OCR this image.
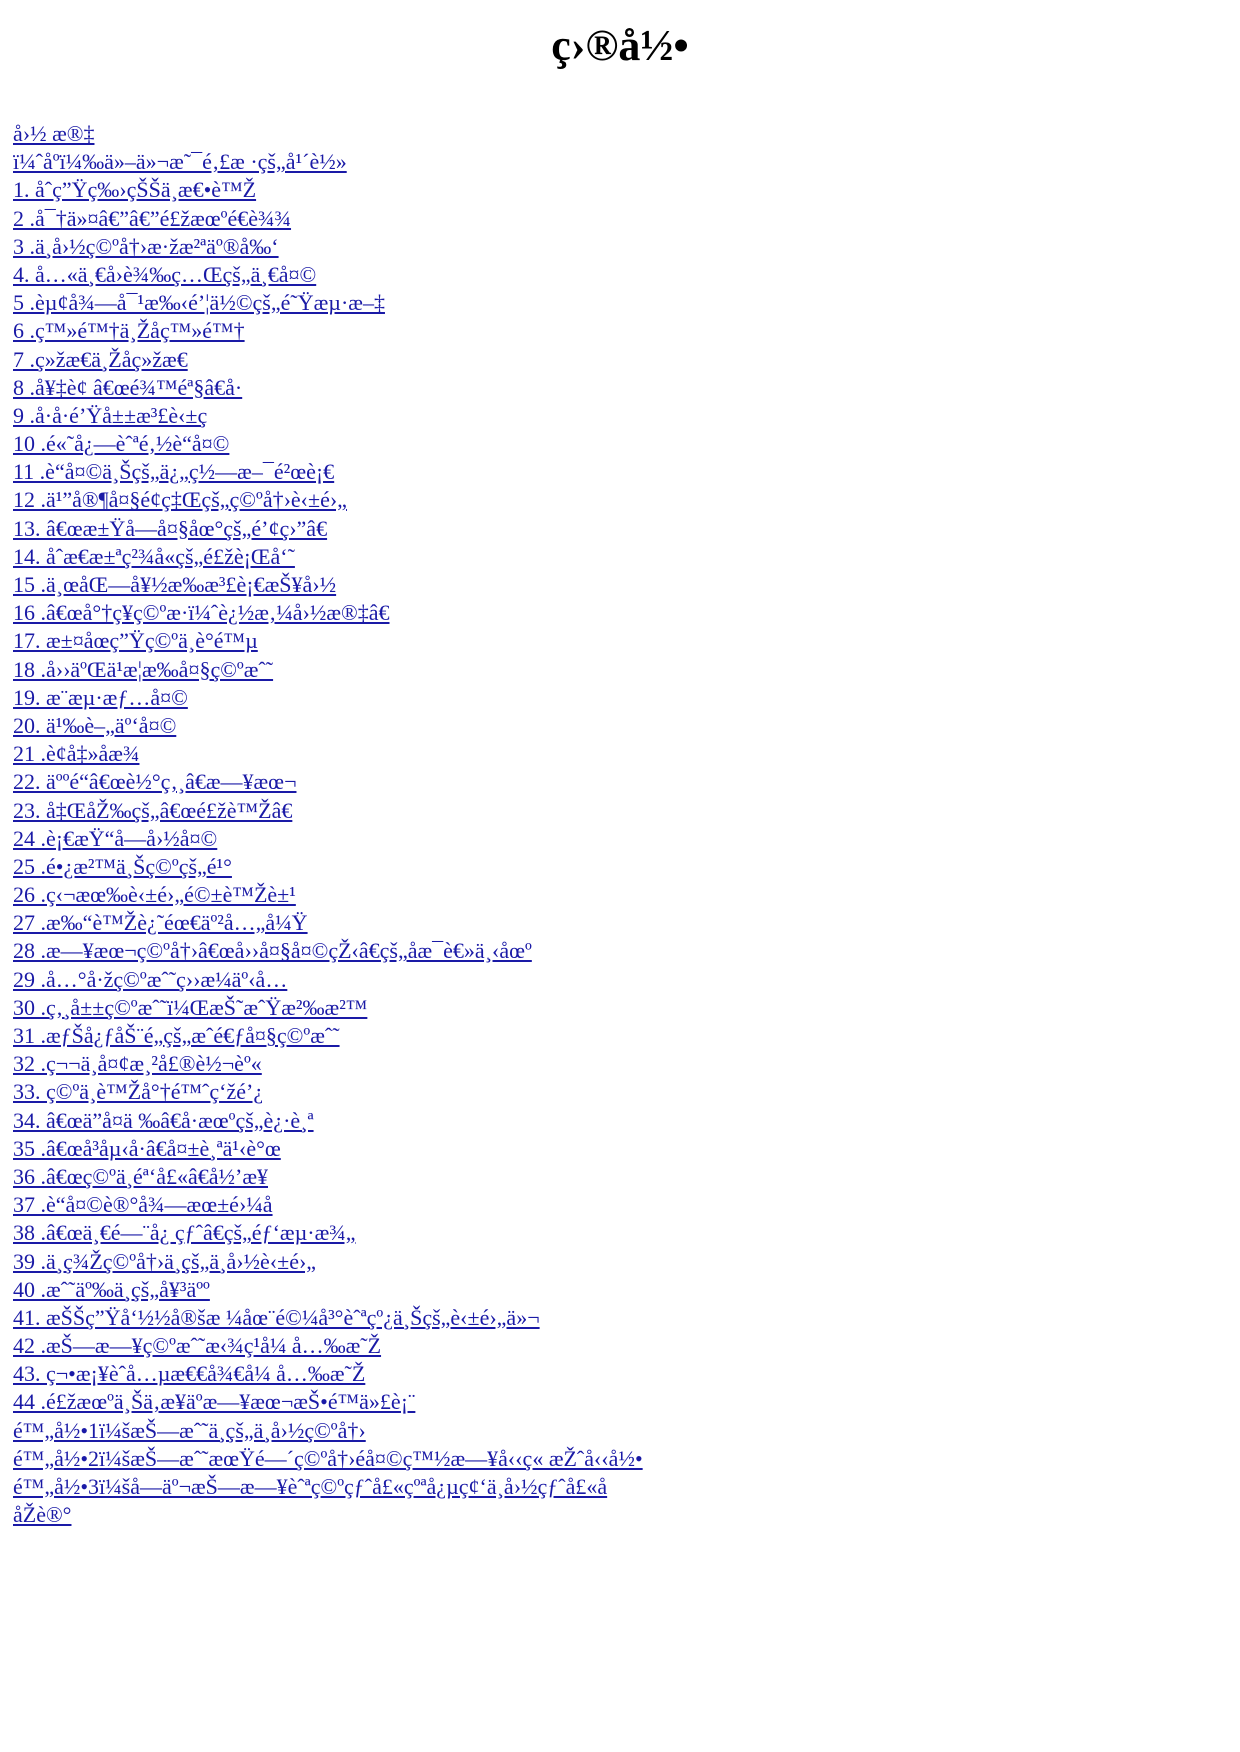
ç›®å½•
å›½ æ®‡
ï¼ˆåºï¼‰ä»–ä»¬æ˜¯é‚£æ ·çš„å¹´è½»
1. åˆç”Ÿç‰›çŠŠä¸æ€•è™Ž
2 .å¯†ä»¤â€”â€”é£žæœºé€è¾¾
3 .ä¸å›½ç©ºå†›æ·žæ²ªäº®å‰‘
4. å…«ä¸€å›è¾‰ç…Œçš„ä¸€å¤©
5 .èµ¢å¾—å¯¹æ‰‹é’¦ä½©çš„é˜Ÿæµ·æ–‡
6 .ç™»é™†ä¸Žåç™»é™†
7 .ç»žæ€ä¸Žåç»žæ€
8 .å¥‡è¢ â€œé¾™éª§â€å·
9 .å·å·é’Ÿå±±æ³£è‹±ç
10 .é«˜å¿—èˆªé‚½è“å¤©
11 .è“å¤©ä¸Šçš„ä¿„ç½—æ–¯é²œè¡€
12 .ä¹”å®¶å¤§é¢ç‡Œçš„ç©ºå†›è‹±é›„
13. â€œæ±Ÿå—å¤§åœ°çš„é’¢ç›”â€
14. åˆæ€æ±ªç²¾å«çš„é£žè¡Œå‘˜
15 .ä¸œåŒ—å¥½æ‰æ³£è¡€æŠ¥å›½
16 .â€œå°†ç¥ç©ºæ·ï¼ˆè¿½æ‚¼å›½æ®‡â€
17. æ±¤åœç”Ÿç©ºä¸è°é™µ
18 .å››äºŒä¹æ¦æ‰å¤§ç©ºæˆ˜
19. æ¨æµ·æƒ…å¤©
20. ä¹‰è–„äº‘å¤©
21 .è¢å‡»åæ¾
22. äººé“â€œè½°ç‚¸â€æ—¥æœ¬
23. å‡ŒåŽ‰çš„â€œé£žè™Žâ€
24 .è¡€æŸ“å—å›½å¤©
25 .é•¿æ²™ä¸Šç©ºçš„é¹°
26 .ç‹¬æœ‰è‹±é›„é©±è™Žè±¹
27 .æ‰“è™Žè¿˜éœ€äº²å…„å¼Ÿ
28 .æ—¥æœ¬ç©ºå†›â€œå››å¤§å¤©çŽ‹â€çš„åæ¯è€»ä¸‹åœº
29 .å…°å·žç©ºæˆ˜ç››æ¼äº‹å…
30 .ç‚¸å±±ç©ºæˆ˜ï¼ŒæŠ˜æˆŸæ²‰æ²™
31 .æƒŠå¿ƒåŠ¨é„çš„æˆé€ƒå¤§ç©ºæˆ˜
32 .ç¬¬ä¸å¤¢æ¸²å£®è½¬èº«
33. ç©ºä¸è™Žå°†é™ˆç‘žé’¿
34. â€œä”å¤ä ‰â€å·æœºçš„è¿·è¸ª
35 .â€œå³åµ‹å·â€å¤±è¸ªä¹‹è°œ
36 .â€œç©ºä¸éª‘å£«â€å½’æ¥
37 .è“å¤©è®°å¾—æœ±é›¼å
38 .â€œä¸€é—¨å¿ çƒˆâ€çš„éƒ‘æµ·æ¾„
39 .ä¸ç¾Žç©ºå†›ä¸çš„ä¸å›½è‹±é›„
40 .æˆ˜äº‰ä¸çš„å¥³äºº
41. æŠŠç”Ÿå‘½½å®šæ ¼åœ¨é©¼å³°èˆªçº¿ä¸Šçš„è‹±é›„ä»¬
42 .æŠ—æ—¥ç©ºæˆ˜æ‹¾ç¹å¼ å…‰æ˜Ž
43. ç¬•æ¡¥èˆå…µæ€€å¾€å¼ å…‰æ˜Ž
44 .é£žæœºä¸Šä‚æ¥äºæ—¥æœ¬æŠ•é™ä»£è¡¨
é™„å½•1ï¼šæŠ—æˆ˜ä¸çš„ä¸å›½ç©ºå†›
é™„å½•2ï¼šæŠ—æˆ˜æœŸé—´ç©ºå†›éå¤©ç™½æ—¥å‹‹ç« æŽˆå‹‹å½•
é™„å½•3ï¼šå—äº¬æŠ—æ—¥èˆªç©ºçƒˆå£«çºªå¿µç¢‘ä¸å›½çƒˆå£«å
åŽè®°
